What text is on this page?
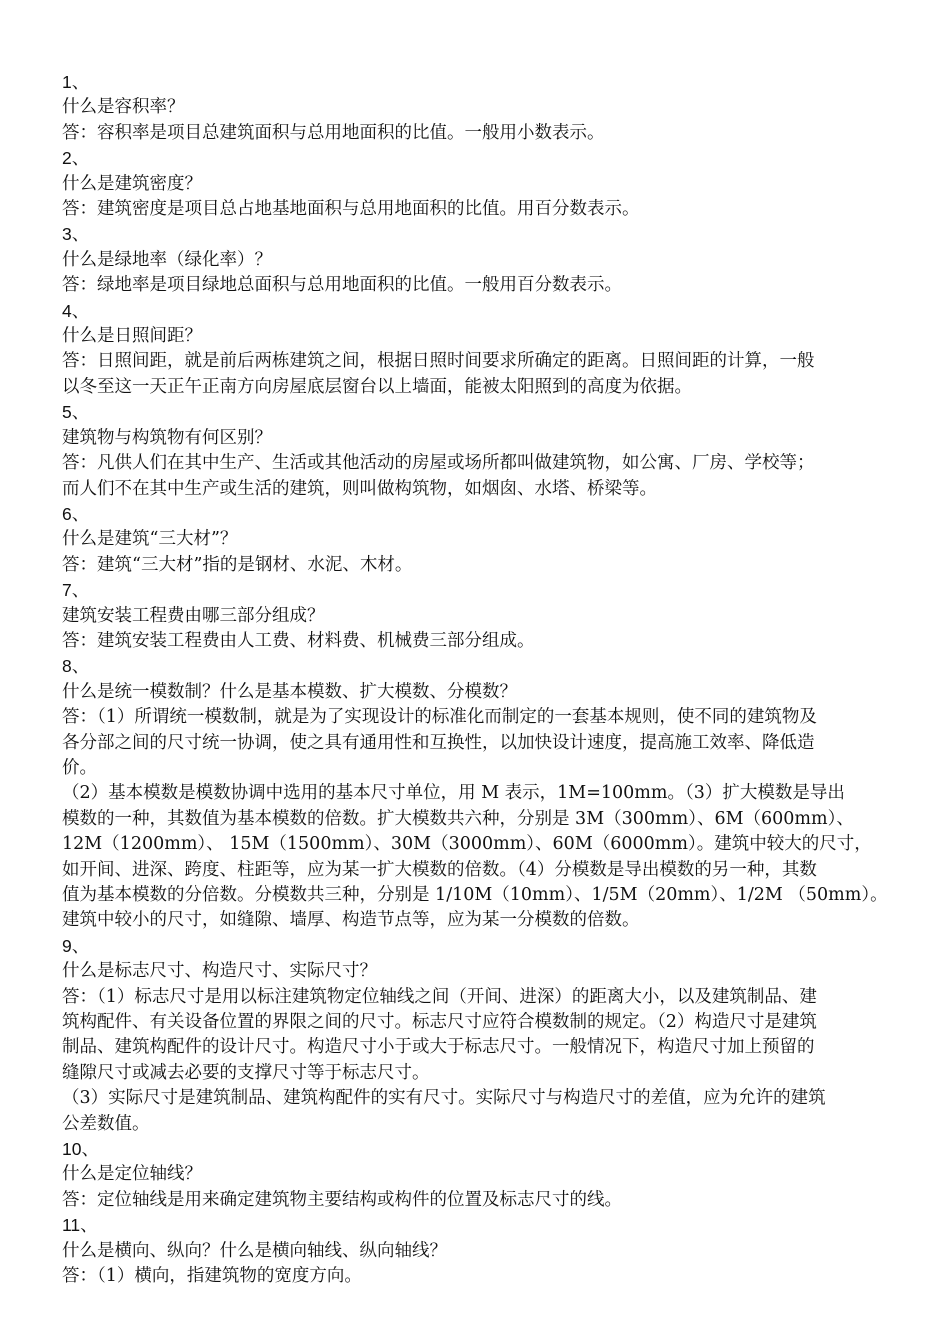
1、
什么是容积率？
答：容积率是项目总建筑面积与总用地面积的比值。一般用小数表示。
2、
什么是建筑密度？
答：建筑密度是项目总占地基地面积与总用地面积的比值。用百分数表示。
3、
什么是绿地率（绿化率）？
答：绿地率是项目绿地总面积与总用地面积的比值。一般用百分数表示。
4、
什么是日照间距？
答：日照间距，就是前后两栋建筑之间，根据日照时间要求所确定的距离。日照间距的计算，一般
以冬至这一天正午正南方向房屋底层窗台以上墙面，能被太阳照到的高度为依据。
5、
建筑物与构筑物有何区别？
答：凡供人们在其中生产、生活或其他活动的房屋或场所都叫做建筑物，如公寓、厂房、学校等；
而人们不在其中生产或生活的建筑，则叫做构筑物，如烟囱、水塔、桥梁等。
6、
什么是建筑“三大材”？
答：建筑“三大材”指的是钢材、水泥、木材。
7、
建筑安装工程费由哪三部分组成？
答：建筑安装工程费由人工费、材料费、机械费三部分组成。
8、
什么是统一模数制？什么是基本模数、扩大模数、分模数？
答：（1）所谓统一模数制，就是为了实现设计的标准化而制定的一套基本规则，使不同的建筑物及
各分部之间的尺寸统一协调，使之具有通用性和互换性，以加快设计速度，提高施工效率、降低造
价。
（2）基本模数是模数协调中选用的基本尺寸单位，用 M 表示，1M=100mm。（3）扩大模数是导出
模数的一种，其数值为基本模数的倍数。扩大模数共六种，分别是 3M（300mm）、6M（600mm）、
12M（1200mm）、 15M（1500mm）、30M（3000mm）、60M（6000mm）。建筑中较大的尺寸，
如开间、进深、跨度、柱距等，应为某一扩大模数的倍数。（4）分模数是导出模数的另一种，其数
值为基本模数的分倍数。分模数共三种，分别是 1/10M（10mm）、1/5M（20mm）、1/2M （50mm）。
建筑中较小的尺寸，如缝隙、墙厚、构造节点等，应为某一分模数的倍数。
9、
什么是标志尺寸、构造尺寸、实际尺寸？
答：（1）标志尺寸是用以标注建筑物定位轴线之间（开间、进深）的距离大小，以及建筑制品、建
筑构配件、有关设备位置的界限之间的尺寸。标志尺寸应符合模数制的规定。（2）构造尺寸是建筑
制品、建筑构配件的设计尺寸。构造尺寸小于或大于标志尺寸。一般情况下，构造尺寸加上预留的
缝隙尺寸或减去必要的支撑尺寸等于标志尺寸。
（3）实际尺寸是建筑制品、建筑构配件的实有尺寸。实际尺寸与构造尺寸的差值，应为允许的建筑
公差数值。
10、
什么是定位轴线？
答：定位轴线是用来确定建筑物主要结构或构件的位置及标志尺寸的线。
11、
什么是横向、纵向？什么是横向轴线、纵向轴线？
答：（1）横向，指建筑物的宽度方向。
